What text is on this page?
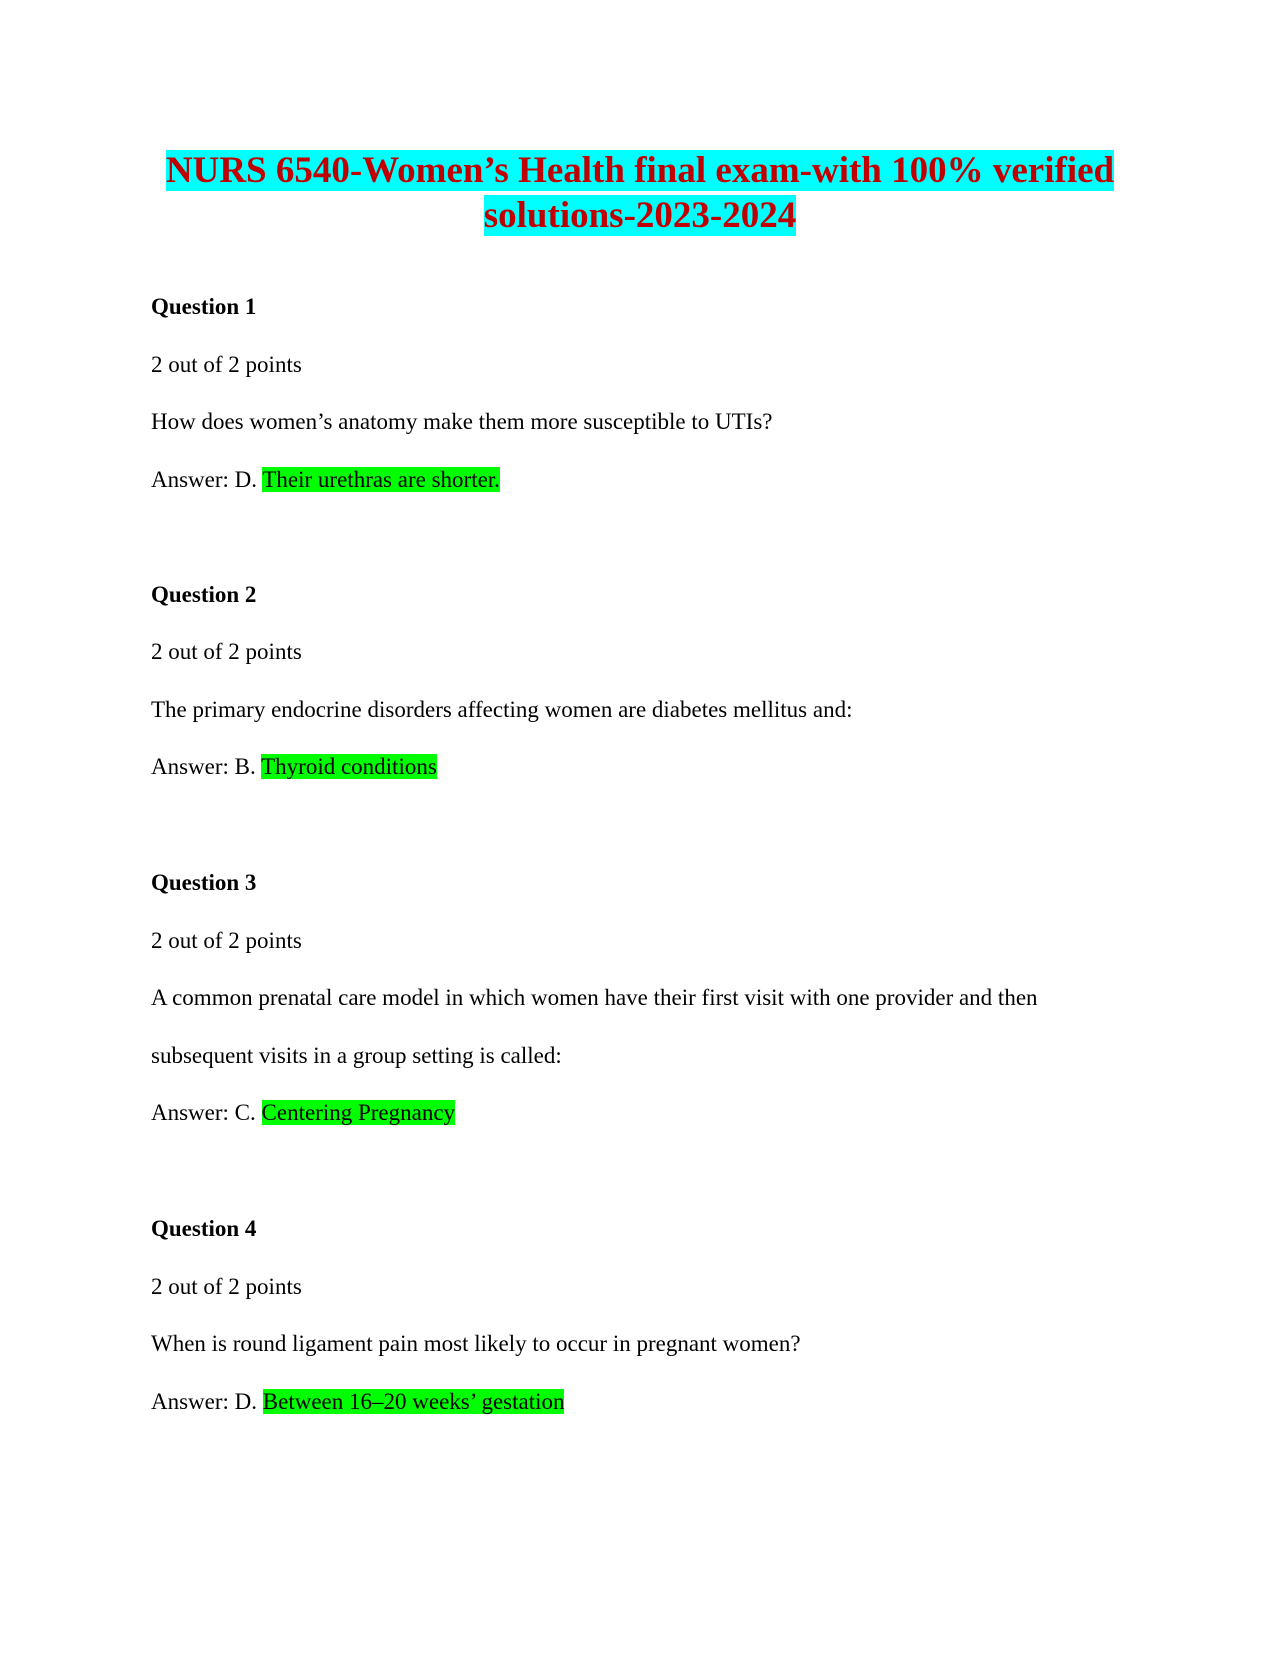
NURS 6540-Women’s Health final exam-with 100% verified
solutions-2023-2024
Question 1
2 out of 2 points
How does women’s anatomy make them more susceptible to UTIs?
Answer: D. Their urethras are shorter.
Question 2
2 out of 2 points
The primary endocrine disorders affecting women are diabetes mellitus and:
Answer: B. Thyroid conditions
Question 3
2 out of 2 points
A common prenatal care model in which women have their first visit with one provider and then
subsequent visits in a group setting is called:
Answer: C. Centering Pregnancy
Question 4
2 out of 2 points
When is round ligament pain most likely to occur in pregnant women?
Answer: D. Between 16–20 weeks’ gestation
